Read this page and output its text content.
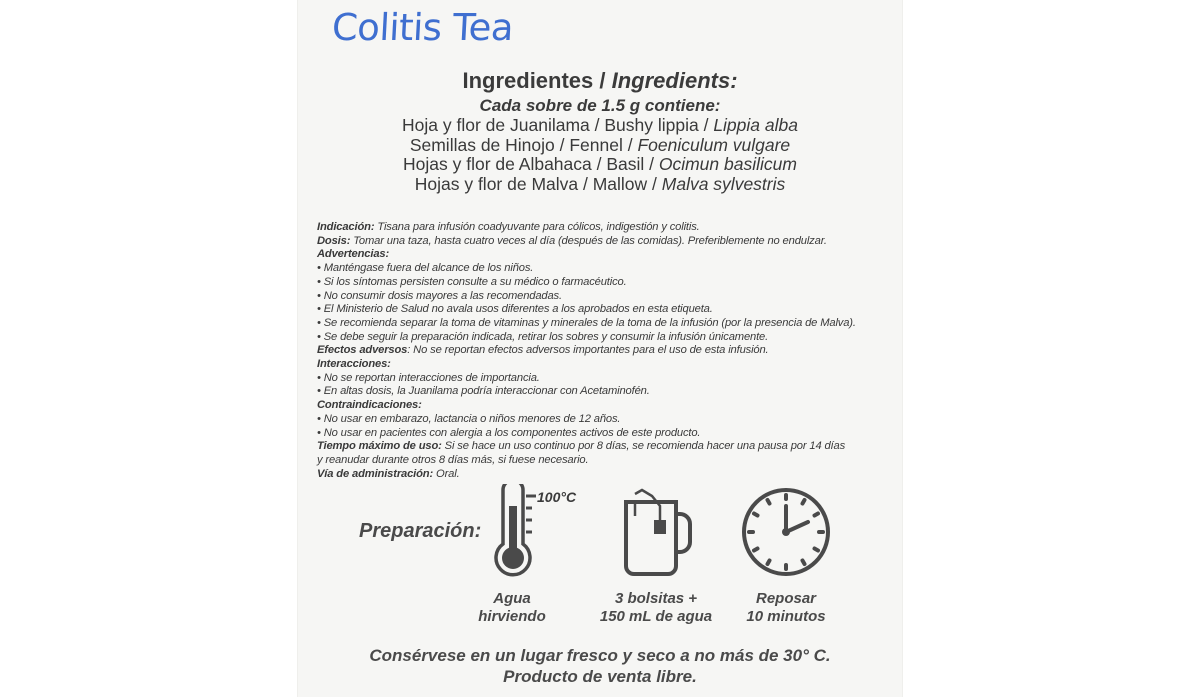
Colitis Tea
Ingredientes / Ingredients:
Cada sobre de 1.5 g contiene:
Hoja y flor de Juanilama / Bushy lippia / Lippia alba
Semillas de Hinojo / Fennel / Foeniculum vulgare
Hojas y flor de Albahaca / Basil / Ocimun basilicum
Hojas y flor de Malva / Mallow / Malva sylvestris
Indicación: Tisana para infusión coadyuvante para cólicos, indigestión y colitis.
Dosis: Tomar una taza, hasta cuatro veces al día (después de las comidas). Preferiblemente no endulzar.
Advertencias:
• Manténgase fuera del alcance de los niños.
• Si los síntomas persisten consulte a su médico o farmacéutico.
• No consumir dosis mayores a las recomendadas.
• El Ministerio de Salud no avala usos diferentes a los aprobados en esta etiqueta.
• Se recomienda separar la toma de vitaminas y minerales de la toma de la infusión (por la presencia de Malva).
• Se debe seguir la preparación indicada, retirar los sobres y consumir la infusión únicamente.
Efectos adversos: No se reportan efectos adversos importantes para el uso de esta infusión.
Interacciones:
• No se reportan interacciones de importancia.
• En altas dosis, la Juanilama podría interaccionar con Acetaminofén.
Contraindicaciones:
• No usar en embarazo, lactancia o niños menores de 12 años.
• No usar en pacientes con alergia a los componentes activos de este producto.
Tiempo máximo de uso: Si se hace un uso continuo por 8 días, se recomienda hacer una pausa por 14 días
y reanudar durante otros 8 días más, si fuese necesario.
Vía de administración: Oral.
Preparación:
100°C
Agua
hirviendo
3 bolsitas +
150 mL de agua
Reposar
10 minutos
Consérvese en un lugar fresco y seco a no más de 30° C.
Producto de venta libre.
